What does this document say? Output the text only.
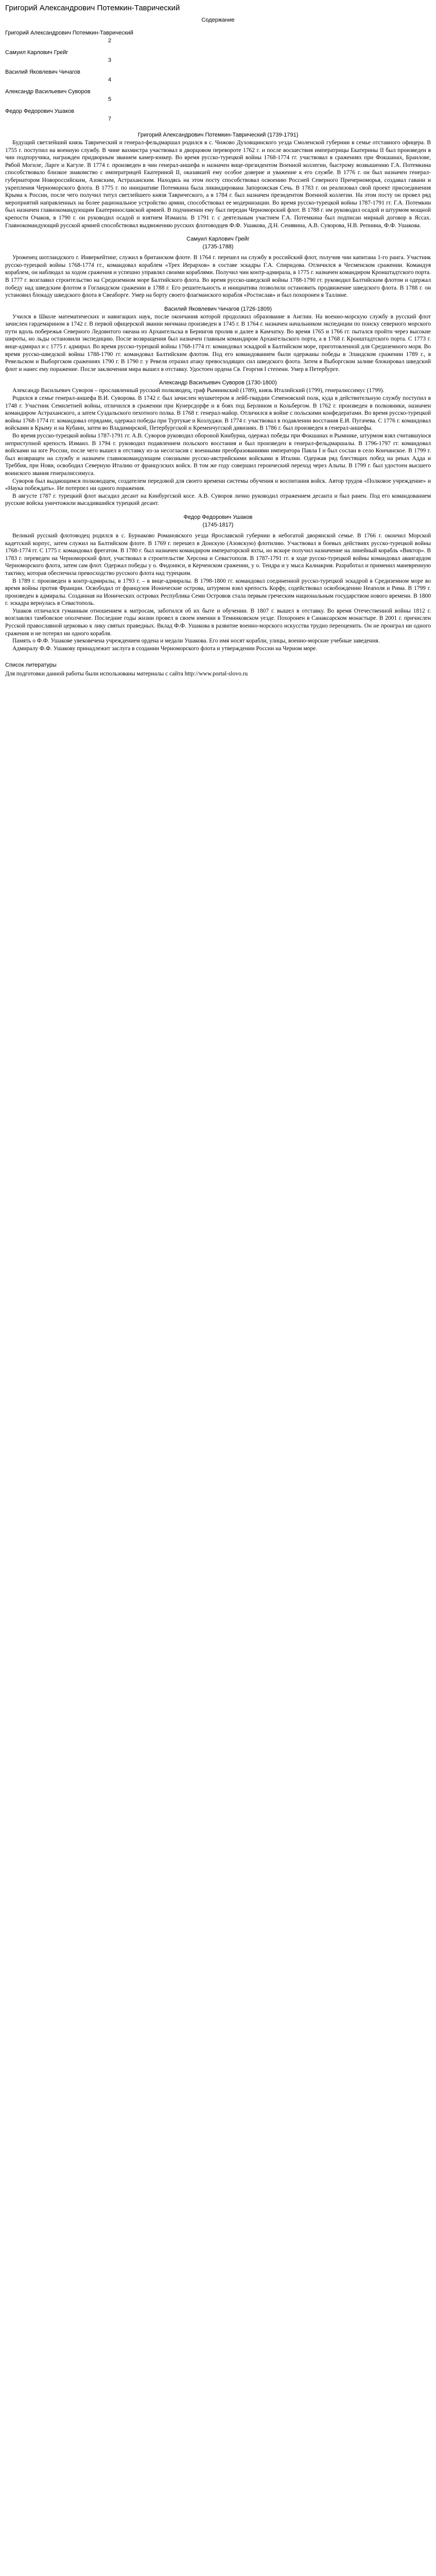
Григорий Александрович Потемкин-Таврический
Содержание
Григорий Александрович Потемкин-Таврический
2
Самуил Карлович Грейг
3
Василий Яковлевич Чичагов
4
Александр Васильевич Суворов
5
Федор Федорович Ушаков
7
Григорий Александрович Потемкин-Таврический (1739-1791)

Будущий светлейший князь Таврический и генерал-фельдмаршал родился в с. Чижово Духовщинского уезда Смоленской губернии в семье отставного офицера. В 1755 г. поступил на военную службу. В чине вахмистра участвовал в дворцовом перевороте 1762 г. и после восшествия императрицы Екатерины II был произведен в чин подпоручика, награжден придворным званием камер-юнкер. Во время русско-турецкой войны 1768-1774 гг. участвовал в сражениях при Фокшанах, Браилове, Рябой Могиле, Ларге и Кагуле. В 1774 г. произведен в чин генерал-аншефа и назначен вице-президентом Военной коллегии, быстрому возвышению Г.А. Потемкина способствовало близкое знакомство с императрицей Екатериной II, оказавшей ему особое доверие и уважение к его службе. В 1776 г. он был назначен генерал-губернатором Новороссийским, Азовским, Астраханским. Находясь на этом посту способствовал освоению Россией Северного Причерноморья, создавал гавани и укрепления Черноморского флота. В 1775 г. по инициативе Потемкина была ликвидирована Запорожская Сечь. В 1783 г. он реализовал свой проект присоединения Крыма к России, после чего получил титул светлейшего князя Таврического, а в 1784 г. был назначен президентом Военной коллегии. На этом посту он провел ряд мероприятий направленных на более рациональное устройство армии, способствовал ее модернизации. Во время русско-турецкой войны 1787-1791 гг. Г.А. Потемкин был назначен главнокомандующим Екатеринославской армией. В подчинении ему был передан Черноморский флот. В 1788 г. им руководил осадой и штурмом мощной крепости Очаков, в 1790 г. он руководил осадой и взятием Измаила. В 1791 г. с деятельным участием Г.А. Потемкина был подписан мирный договор в Яссах. Главнокомандующий русской армией способствовал выдвижению русских флотоводцев Ф.Ф. Ушакова, Д.Н. Сенявина, А.В. Суворова, Н.В. Репнина, Ф.Ф. Ушакова.

Самуил Карлович Грейг
(1735-1788)

Уроженец шотландского г. Инверкейтинг, служил в британском флоте. В 1764 г. перешел на службу в российский флот, получив чин капитана 1-го ранга. Участник русско-турецкой войны 1768-1774 гг., командовал кораблем «Трех Иерархов» в составе эскадры Г.А. Спиридова. Отличился в Чесменском сражении. Командуя кораблем, он наблюдал за ходом сражения и успешно управлял своими кораблями. Получил чин контр-адмирала, в 1775 г. назначен командиром Кронштадтского порта. В 1777 г. возглавил строительство на Средиземном море Балтийского флота. Во время русско-шведской войны 1788-1790 гг. руководил Балтийским флотом и одержал победу над шведским флотом в Гогландском сражении в 1788 г. Его решительность и инициатива позволили остановить продвижение шведского флота. В 1788 г. он установил блокаду шведского флота в Свеаборге. Умер на борту своего флагманского корабля «Ростислав» и был похоронен в Таллине.

Василий Яковлевич Чичагов (1726-1809)

Учился в Школе математических и навигацких наук, после окончания которой продолжил образование в Англии. На военно-морскую службу в русский флот зачислен гардемарином в 1742 г. В первой офицерской звании мичмана произведен в 1745 г. В 1764 г. назначен начальником экспедиции по поиску северного морского пути вдоль побережья Северного Ледовитого океана из Архангельска в Берингов пролив и далее в Камчатку. Во время 1765 и 1766 гг. пытался пройти через высокие широты, но льды остановили экспедицию. После возвращения был назначен главным командиром Архангельского порта, а в 1768 г. Кронштадтского порта. С 1773 г. вице-адмирал и с 1775 г. адмирал. Во время русско-турецкой войны 1768-1774 гг. командовал эскадрой в Балтийском море, приготовленной для Средиземного моря. Во время русско-шведской войны 1788-1790 гг. командовал Балтийским флотом. Под его командованием были одержаны победы в Эландском сражении 1789 г., в Ревельском и Выборгском сражениях 1790 г. В 1790 г. у Ревеля отразил атаку превосходящих сил шведского флота. Затем в Выборгском заливе блокировал шведский флот и нанес ему поражение. После заключения мира вышел в отставку. Удостоен ордена Св. Георгия I степени. Умер в Петербурге.

Александр Васильевич Суворов (1730-1800)

Александр Васильевич Суворов – прославленный русский полководец, граф Рымникский (1789), князь Италийский (1799), генералиссимус (1799).

Родился в семье генерал-аншефа В.И. Суворова. В 1742 г. был зачислен мушкетером в лейб-гвардии Семеновский полк, куда в действительную службу поступил в 1748 г. Участник Семилетней войны, отличился в сражении при Кунерсдорфе и в боях под Берлином и Кольбергом. В 1762 г. произведен в полковники, назначен командиром Астраханского, а затем Суздальского пехотного полка. В 1768 г. генерал-майор. Отличился в войне с польскими конфедератами. Во время русско-турецкой войны 1768-1774 гг. командовал отрядами, одержал победы при Туртукае и Козлуджи. В 1774 г. участвовал в подавлении восстания Е.И. Пугачева. С 1776 г. командовал войсками в Крыму и на Кубани, затем во Владимирской, Петербургской и Кременчугской дивизиях. В 1786 г. был произведен в генерал-аншефы.

Во время русско-турецкой войны 1787-1791 гг. А.В. Суворов руководил обороной Кинбурна, одержал победы при Фокшанах и Рымнике, штурмом взял считавшуюся неприступной крепость Измаил. В 1794 г. руководил подавлением польского восстания и был произведен в генерал-фельдмаршалы. В 1796-1797 гг. командовал войсками на юге России, после чего вышел в отставку из-за несогласия с военными преобразованиями императора Павла I и был сослан в село Кончанское. В 1799 г. был возвращен на службу и назначен главнокомандующим союзными русско-австрийскими войсками в Италии. Одержав ряд блестящих побед на реках Адда и Треббия, при Нови, освободил Северную Италию от французских войск. В том же году совершил героический переход через Альпы. В 1799 г. был удостоен высшего воинского звания генералиссимуса.

Суворов был выдающимся полководцем, создателем передовой для своего времени системы обучения и воспитания войск. Автор трудов «Полковое учреждение» и «Наука побеждать». Не потерпел ни одного поражения.

В августе 1787 г. турецкий флот высадил десант на Кинбургской косе. А.В. Суворов лично руководил отражением десанта и был ранен. Под его командованием русские войска уничтожили высадившийся турецкий десант.

Федор Федорович Ушаков
(1745-1817)

Великий русский флотоводец родился в с. Бурнаково Романовского уезда Ярославской губернии в небогатой дворянской семье. В 1766 г. окончил Морской кадетский корпус, затем служил на Балтийском флоте. В 1769 г. перешел в Донскую (Азовскую) флотилию. Участвовал в боевых действиях русско-турецкой войны 1768-1774 гг. С 1775 г. командовал фрегатом. В 1780 г. был назначен командиром императорской яхты, но вскоре получил назначение на линейный корабль «Виктор». В 1783 г. переведен на Черноморский флот, участвовал в строительстве Херсона и Севастополя. В 1787-1791 гг. в ходе русско-турецкой войны командовал авангардом Черноморского флота, затем сам флот. Одержал победы у о. Фидониси, в Керченском сражении, у о. Тендра и у мыса Калиакрия. Разработал и применил маневренную тактику, которая обеспечила превосходство русского флота над турецким.

В 1789 г. произведен в контр-адмиралы, в 1793 г. – в вице-адмиралы. В 1798-1800 гг. командовал соединенной русско-турецкой эскадрой в Средиземном море во время войны против Франции. Освободил от французов Ионические острова, штурмом взял крепость Корфу, содействовал освобождению Неаполя и Рима. В 1799 г. произведен в адмиралы. Созданная на Ионических островах Республика Семи Островов стала первым греческим национальным государством нового времени. В 1800 г. эскадра вернулась в Севастополь.

Ушаков отличался гуманным отношением к матросам, заботился об их быте и обучении. В 1807 г. вышел в отставку. Во время Отечественной войны 1812 г. возглавлял тамбовское ополчение. Последние годы жизни провел в своем имении в Темниковском уезде. Похоронен в Санаксарском монастыре. В 2001 г. причислен Русской православной церковью к лику святых праведных. Вклад Ф.Ф. Ушакова в развитие военно-морского искусства трудно переоценить. Он не проиграл ни одного сражения и не потерял ни одного корабля.

Память о Ф.Ф. Ушакове увековечена учреждением ордена и медали Ушакова. Его имя носят корабли, улицы, военно-морские учебные заведения.

Адмиралу Ф.Ф. Ушакову принадлежит заслуга в создании Черноморского флота и утверждении России на Черном море.

Список литературы

Для подготовки данной работы были использованы материалы с сайта http://www.portal-slovo.ru
